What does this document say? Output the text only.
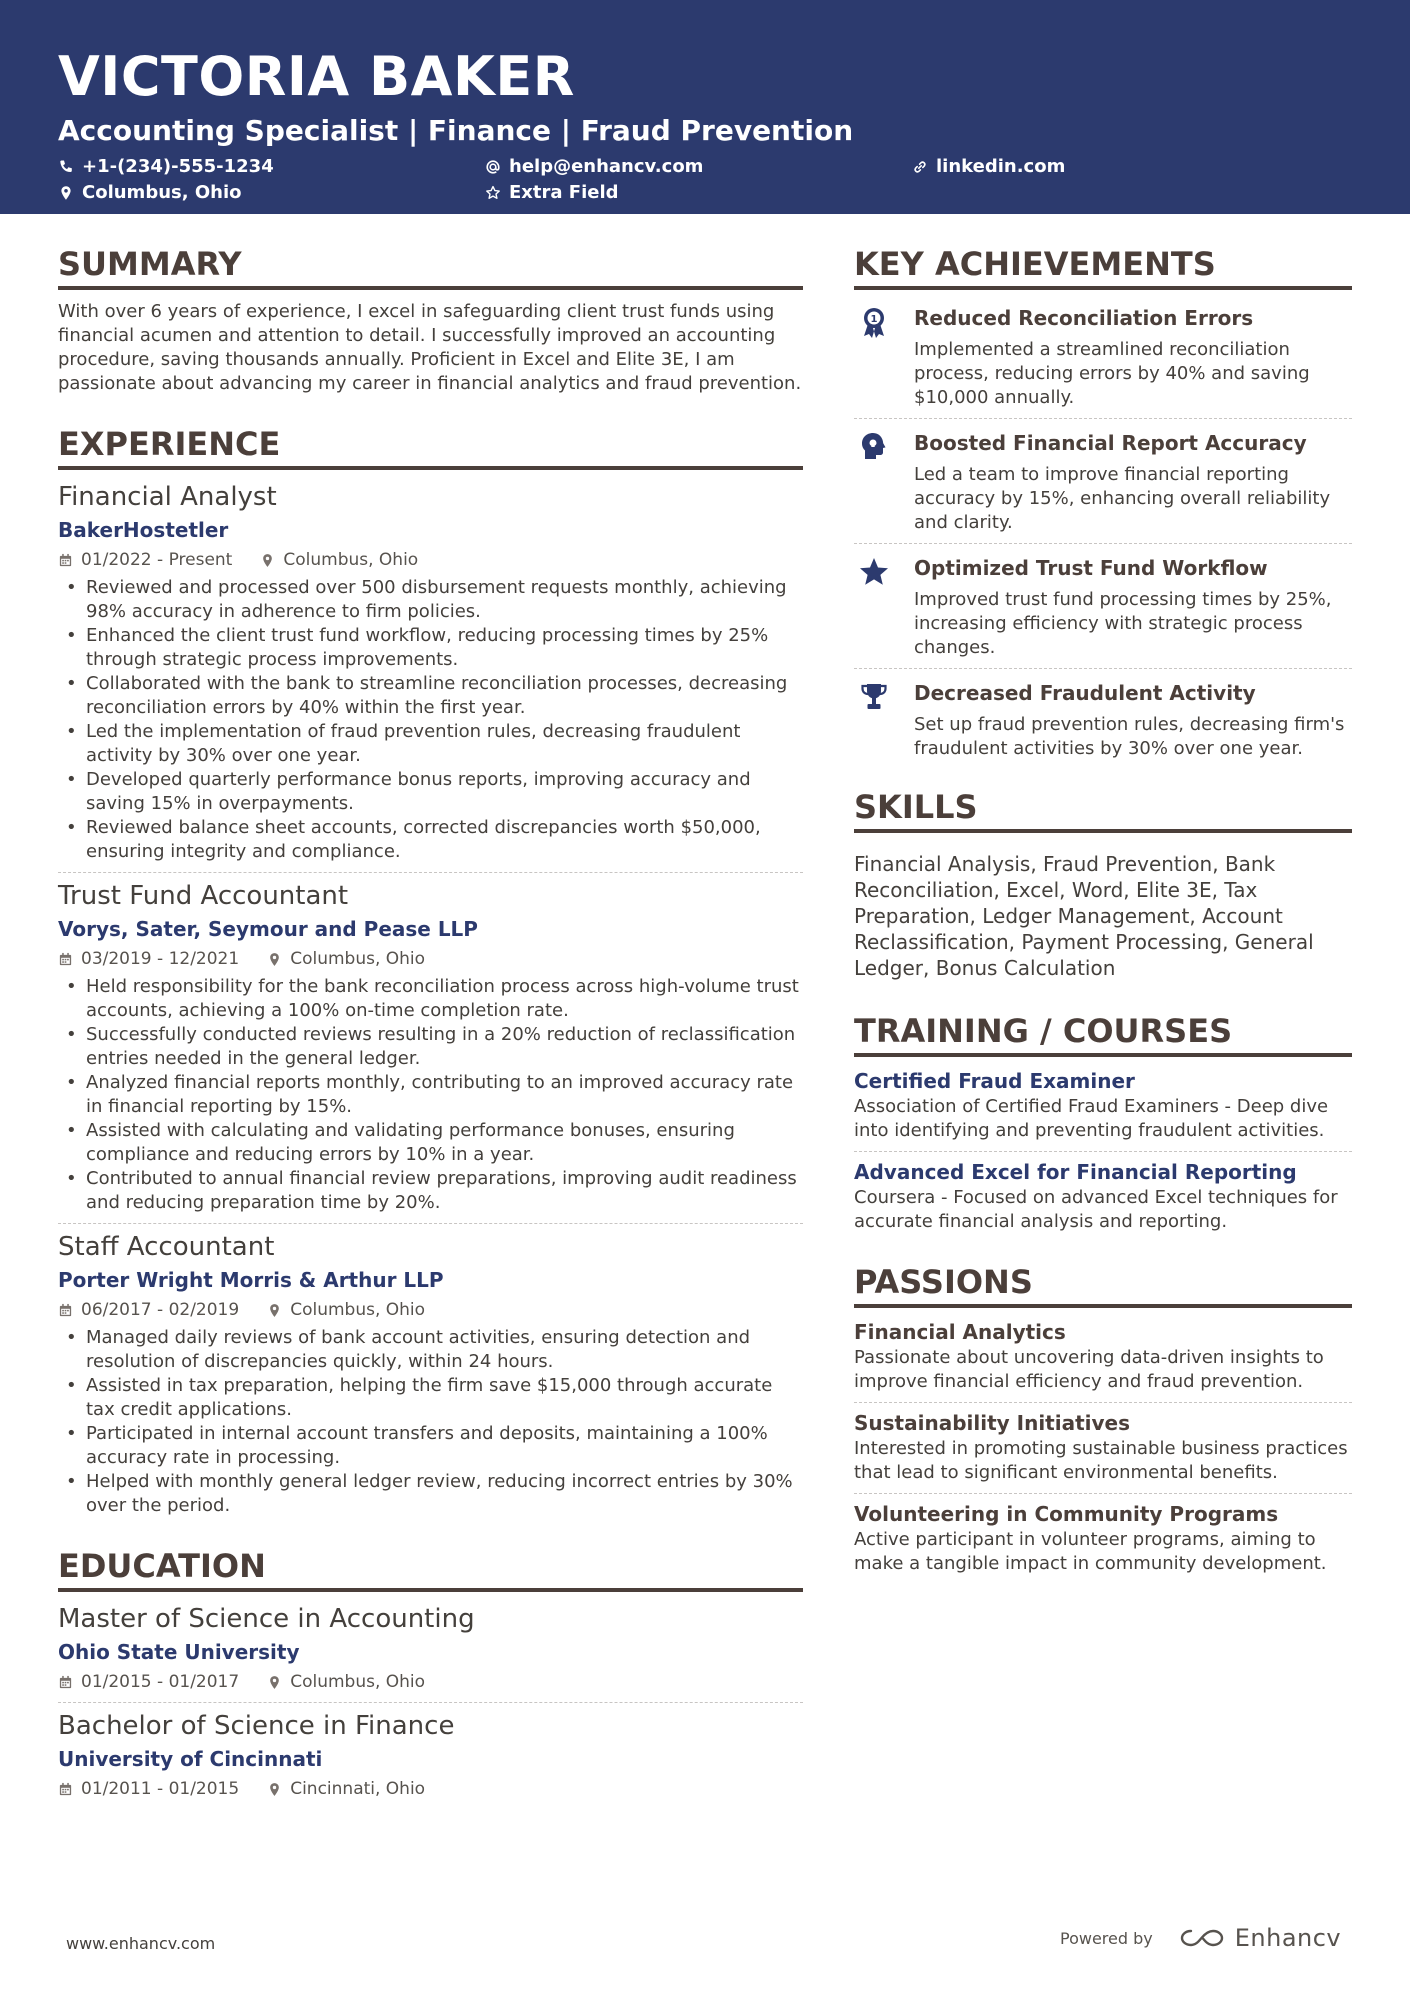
VICTORIA BAKER
Accounting Specialist | Finance | Fraud Prevention
+1-(234)-555-1234	help@enhancv.com	linkedin.com
Columbus, Ohio	Extra Field
SUMMARY
With over 6 years of experience, I excel in safeguarding client trust funds using financial acumen and attention to detail. I successfully improved an accounting procedure, saving thousands annually. Proficient in Excel and Elite 3E, I am passionate about advancing my career in financial analytics and fraud prevention.
EXPERIENCE
Financial Analyst
BakerHostetler
01/2022 - Present	Columbus, Ohio
• Reviewed and processed over 500 disbursement requests monthly, achieving 98% accuracy in adherence to firm policies.
• Enhanced the client trust fund workflow, reducing processing times by 25% through strategic process improvements.
• Collaborated with the bank to streamline reconciliation processes, decreasing reconciliation errors by 40% within the first year.
• Led the implementation of fraud prevention rules, decreasing fraudulent activity by 30% over one year.
• Developed quarterly performance bonus reports, improving accuracy and saving 15% in overpayments.
• Reviewed balance sheet accounts, corrected discrepancies worth $50,000, ensuring integrity and compliance.
Trust Fund Accountant
Vorys, Sater, Seymour and Pease LLP
03/2019 - 12/2021	Columbus, Ohio
• Held responsibility for the bank reconciliation process across high-volume trust accounts, achieving a 100% on-time completion rate.
• Successfully conducted reviews resulting in a 20% reduction of reclassification entries needed in the general ledger.
• Analyzed financial reports monthly, contributing to an improved accuracy rate in financial reporting by 15%.
• Assisted with calculating and validating performance bonuses, ensuring compliance and reducing errors by 10% in a year.
• Contributed to annual financial review preparations, improving audit readiness and reducing preparation time by 20%.
Staff Accountant
Porter Wright Morris & Arthur LLP
06/2017 - 02/2019	Columbus, Ohio
• Managed daily reviews of bank account activities, ensuring detection and resolution of discrepancies quickly, within 24 hours.
• Assisted in tax preparation, helping the firm save $15,000 through accurate tax credit applications.
• Participated in internal account transfers and deposits, maintaining a 100% accuracy rate in processing.
• Helped with monthly general ledger review, reducing incorrect entries by 30% over the period.
EDUCATION
Master of Science in Accounting
Ohio State University
01/2015 - 01/2017	Columbus, Ohio
Bachelor of Science in Finance
University of Cincinnati
01/2011 - 01/2015	Cincinnati, Ohio
KEY ACHIEVEMENTS
1 Reduced Reconciliation Errors
Implemented a streamlined reconciliation process, reducing errors by 40% and saving $10,000 annually.
Boosted Financial Report Accuracy
Led a team to improve financial reporting accuracy by 15%, enhancing overall reliability and clarity.
Optimized Trust Fund Workflow
Improved trust fund processing times by 25%, increasing efficiency with strategic process changes.
Decreased Fraudulent Activity
Set up fraud prevention rules, decreasing firm's fraudulent activities by 30% over one year.
SKILLS
Financial Analysis, Fraud Prevention, Bank Reconciliation, Excel, Word, Elite 3E, Tax Preparation, Ledger Management, Account Reclassification, Payment Processing, General Ledger, Bonus Calculation
TRAINING / COURSES
Certified Fraud Examiner
Association of Certified Fraud Examiners - Deep dive into identifying and preventing fraudulent activities.
Advanced Excel for Financial Reporting
Coursera - Focused on advanced Excel techniques for accurate financial analysis and reporting.
PASSIONS
Financial Analytics
Passionate about uncovering data-driven insights to improve financial efficiency and fraud prevention.
Sustainability Initiatives
Interested in promoting sustainable business practices that lead to significant environmental benefits.
Volunteering in Community Programs
Active participant in volunteer programs, aiming to make a tangible impact in community development.
www.enhancv.com	Powered by	Enhancv
